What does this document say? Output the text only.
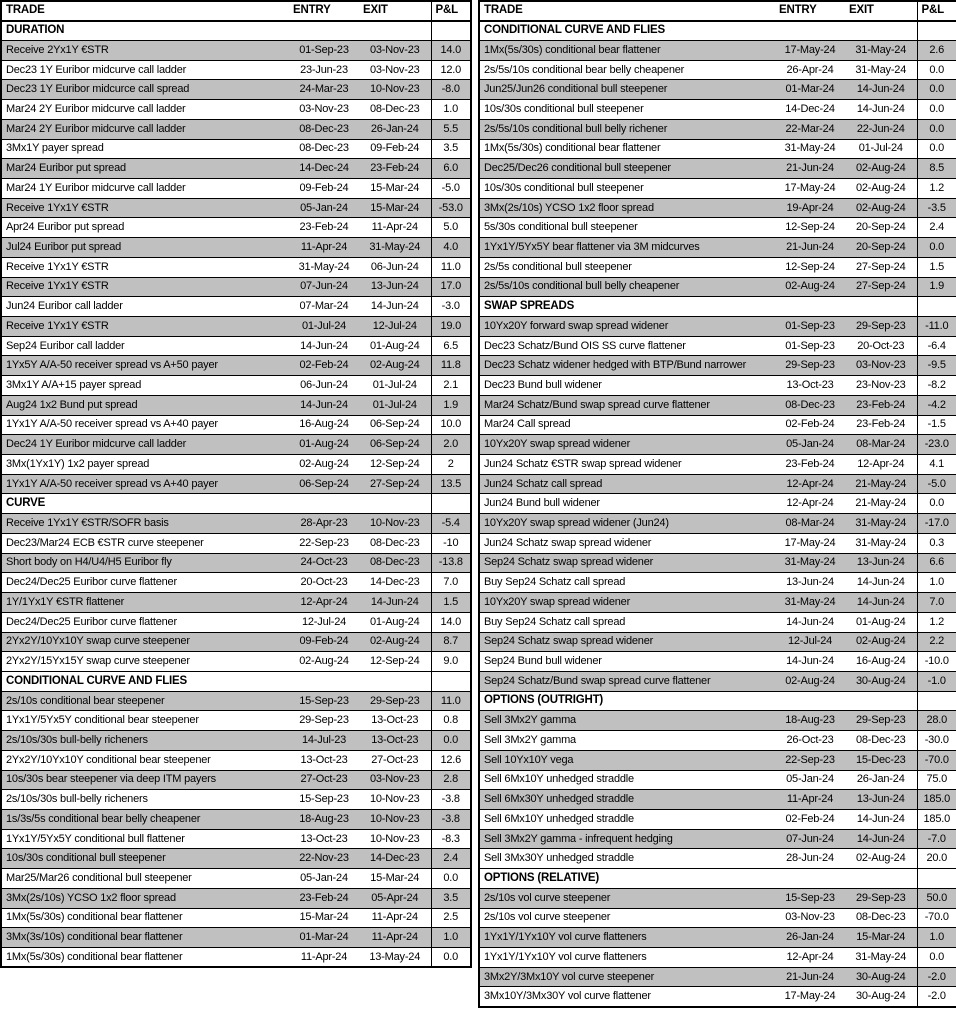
TRADE	ENTRY	EXIT	P&L
DURATION			
Receive 2Yx1Y €STR	01-Sep-23	03-Nov-23	14.0
Dec23 1Y Euribor midcurve call ladder	23-Jun-23	03-Nov-23	12.0
Dec23 1Y Euribor midcurce call spread	24-Mar-23	10-Nov-23	-8.0
Mar24 2Y Euribor midcurve call ladder	03-Nov-23	08-Dec-23	1.0
Mar24 2Y Euribor midcurve call ladder	08-Dec-23	26-Jan-24	5.5
3Mx1Y payer spread	08-Dec-23	09-Feb-24	3.5
Mar24 Euribor put spread	14-Dec-24	23-Feb-24	6.0
Mar24 1Y Euribor midcurve call ladder	09-Feb-24	15-Mar-24	-5.0
Receive 1Yx1Y €STR	05-Jan-24	15-Mar-24	-53.0
Apr24 Euribor put spread	23-Feb-24	11-Apr-24	5.0
Jul24 Euribor put spread	11-Apr-24	31-May-24	4.0
Receive 1Yx1Y €STR	31-May-24	06-Jun-24	11.0
Receive 1Yx1Y €STR	07-Jun-24	13-Jun-24	17.0
Jun24 Euribor call ladder	07-Mar-24	14-Jun-24	-3.0
Receive 1Yx1Y €STR	01-Jul-24	12-Jul-24	19.0
Sep24 Euribor call ladder	14-Jun-24	01-Aug-24	6.5
1Yx5Y A/A-50 receiver spread vs A+50 payer	02-Feb-24	02-Aug-24	11.8
3Mx1Y A/A+15 payer spread	06-Jun-24	01-Jul-24	2.1
Aug24 1x2 Bund put spread	14-Jun-24	01-Jul-24	1.9
1Yx1Y A/A-50 receiver spread vs A+40 payer	16-Aug-24	06-Sep-24	10.0
Dec24 1Y Euribor midcurve call ladder	01-Aug-24	06-Sep-24	2.0
3Mx(1Yx1Y) 1x2 payer spread	02-Aug-24	12-Sep-24	2
1Yx1Y A/A-50 receiver spread vs A+40 payer	06-Sep-24	27-Sep-24	13.5
CURVE			
Receive 1Yx1Y €STR/SOFR basis	28-Apr-23	10-Nov-23	-5.4
Dec23/Mar24 ECB €STR curve steepener	22-Sep-23	08-Dec-23	-10
Short body on H4/U4/H5 Euribor fly	24-Oct-23	08-Dec-23	-13.8
Dec24/Dec25 Euribor curve flattener	20-Oct-23	14-Dec-23	7.0
1Y/1Yx1Y €STR flattener	12-Apr-24	14-Jun-24	1.5
Dec24/Dec25 Euribor curve flattener	12-Jul-24	01-Aug-24	14.0
2Yx2Y/10Yx10Y swap curve steepener	09-Feb-24	02-Aug-24	8.7
2Yx2Y/15Yx15Y swap curve steepener	02-Aug-24	12-Sep-24	9.0
CONDITIONAL CURVE AND FLIES			
2s/10s conditional bear steepener	15-Sep-23	29-Sep-23	11.0
1Yx1Y/5Yx5Y conditional bear steepener	29-Sep-23	13-Oct-23	0.8
2s/10s/30s bull-belly richeners	14-Jul-23	13-Oct-23	0.0
2Yx2Y/10Yx10Y conditional bear steepener	13-Oct-23	27-Oct-23	12.6
10s/30s bear steepener via deep ITM payers	27-Oct-23	03-Nov-23	2.8
2s/10s/30s bull-belly richeners	15-Sep-23	10-Nov-23	-3.8
1s/3s/5s conditional bear belly cheapener	18-Aug-23	10-Nov-23	-3.8
1Yx1Y/5Yx5Y conditional bull flattener	13-Oct-23	10-Nov-23	-8.3
10s/30s conditional bull steepener	22-Nov-23	14-Dec-23	2.4
Mar25/Mar26 conditional bull steepener	05-Jan-24	15-Mar-24	0.0
3Mx(2s/10s) YCSO 1x2 floor spread	23-Feb-24	05-Apr-24	3.5
1Mx(5s/30s) conditional bear flattener	15-Mar-24	11-Apr-24	2.5
3Mx(3s/10s) conditional bear flattener	01-Mar-24	11-Apr-24	1.0
1Mx(5s/30s) conditional bear flattener	11-Apr-24	13-May-24	0.0
TRADE	ENTRY	EXIT	P&L
CONDITIONAL CURVE AND FLIES			
1Mx(5s/30s) conditional bear flattener	17-May-24	31-May-24	2.6
2s/5s/10s conditional bear belly cheapener	26-Apr-24	31-May-24	0.0
Jun25/Jun26 conditional bull steepener	01-Mar-24	14-Jun-24	0.0
10s/30s conditional bull steepener	14-Dec-24	14-Jun-24	0.0
2s/5s/10s conditional bull belly richener	22-Mar-24	22-Jun-24	0.0
1Mx(5s/30s) conditional bear flattener	31-May-24	01-Jul-24	0.0
Dec25/Dec26 conditional bull steepener	21-Jun-24	02-Aug-24	8.5
10s/30s conditional bull steepener	17-May-24	02-Aug-24	1.2
3Mx(2s/10s) YCSO 1x2 floor spread	19-Apr-24	02-Aug-24	-3.5
5s/30s conditional bull steepener	12-Sep-24	20-Sep-24	2.4
1Yx1Y/5Yx5Y bear flattener via 3M midcurves	21-Jun-24	20-Sep-24	0.0
2s/5s conditional bull steepener	12-Sep-24	27-Sep-24	1.5
2s/5s/10s conditional bull belly cheapener	02-Aug-24	27-Sep-24	1.9
SWAP SPREADS			
10Yx20Y forward swap spread widener	01-Sep-23	29-Sep-23	-11.0
Dec23 Schatz/Bund OIS SS curve flattener	01-Sep-23	20-Oct-23	-6.4
Dec23 Schatz widener hedged with BTP/Bund narrower	29-Sep-23	03-Nov-23	-9.5
Dec23 Bund bull widener	13-Oct-23	23-Nov-23	-8.2
Mar24 Schatz/Bund swap spread curve flattener	08-Dec-23	23-Feb-24	-4.2
Mar24 Call spread	02-Feb-24	23-Feb-24	-1.5
10Yx20Y swap spread widener	05-Jan-24	08-Mar-24	-23.0
Jun24 Schatz €STR swap spread widener	23-Feb-24	12-Apr-24	4.1
Jun24 Schatz call spread	12-Apr-24	21-May-24	-5.0
Jun24 Bund bull widener	12-Apr-24	21-May-24	0.0
10Yx20Y swap spread widener (Jun24)	08-Mar-24	31-May-24	-17.0
Jun24 Schatz swap spread widener	17-May-24	31-May-24	0.3
Sep24 Schatz swap spread widener	31-May-24	13-Jun-24	6.6
Buy Sep24 Schatz call spread	13-Jun-24	14-Jun-24	1.0
10Yx20Y swap spread widener	31-May-24	14-Jun-24	7.0
Buy Sep24 Schatz call spread	14-Jun-24	01-Aug-24	1.2
Sep24 Schatz swap spread widener	12-Jul-24	02-Aug-24	2.2
Sep24 Bund bull widener	14-Jun-24	16-Aug-24	-10.0
Sep24 Schatz/Bund swap spread curve flattener	02-Aug-24	30-Aug-24	-1.0
OPTIONS (OUTRIGHT)			
Sell 3Mx2Y gamma	18-Aug-23	29-Sep-23	28.0
Sell 3Mx2Y gamma	26-Oct-23	08-Dec-23	-30.0
Sell 10Yx10Y vega	22-Sep-23	15-Dec-23	-70.0
Sell 6Mx10Y unhedged straddle	05-Jan-24	26-Jan-24	75.0
Sell 6Mx30Y unhedged straddle	11-Apr-24	13-Jun-24	185.0
Sell 6Mx10Y unhedged straddle	02-Feb-24	14-Jun-24	185.0
Sell 3Mx2Y gamma - infrequent hedging	07-Jun-24	14-Jun-24	-7.0
Sell 3Mx30Y unhedged straddle	28-Jun-24	02-Aug-24	20.0
OPTIONS (RELATIVE)			
2s/10s vol curve steepener	15-Sep-23	29-Sep-23	50.0
2s/10s vol curve steepener	03-Nov-23	08-Dec-23	-70.0
1Yx1Y/1Yx10Y vol curve flatteners	26-Jan-24	15-Mar-24	1.0
1Yx1Y/1Yx10Y vol curve flatteners	12-Apr-24	31-May-24	0.0
3Mx2Y/3Mx10Y vol curve steepener	21-Jun-24	30-Aug-24	-2.0
3Mx10Y/3Mx30Y vol curve flattener	17-May-24	30-Aug-24	-2.0
